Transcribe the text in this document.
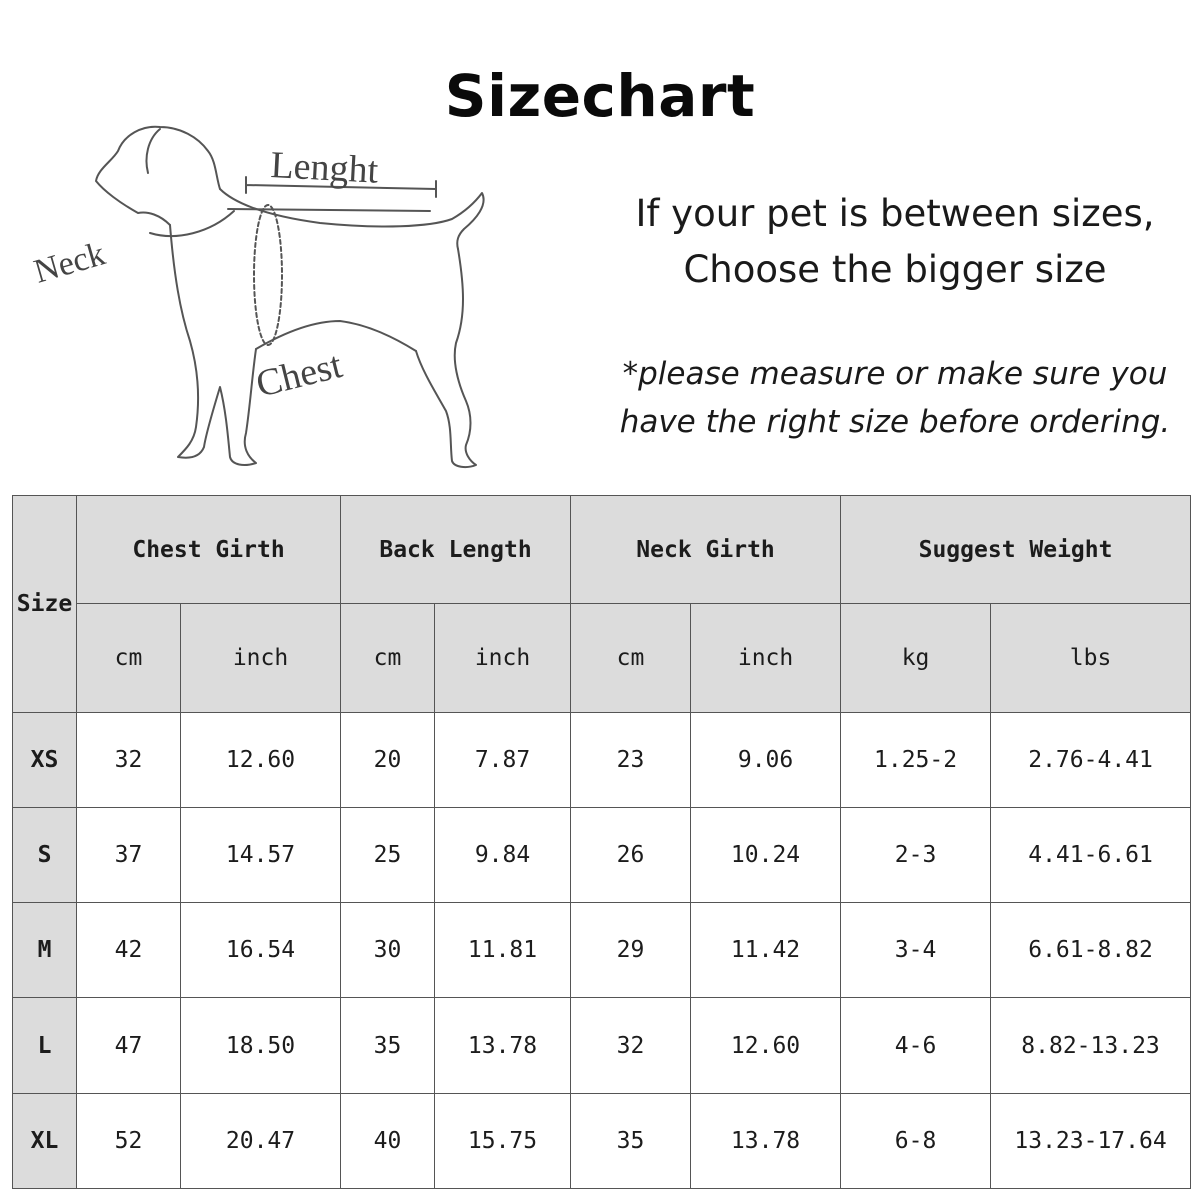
Sizechart
Neck
Lenght
Chest
If your pet is between sizes,
Choose the bigger size
*please measure or make sure you
have the right size before ordering.
Size	Chest Girth		Back Length		Neck Girth		Suggest Weight	
	cm	inch	cm	inch	cm	inch	kg	lbs
XS	32	12.60	20	7.87	23	9.06	1.25-2	2.76-4.41
S	37	14.57	25	9.84	26	10.24	2-3	4.41-6.61
M	42	16.54	30	11.81	29	11.42	3-4	6.61-8.82
L	47	18.50	35	13.78	32	12.60	4-6	8.82-13.23
XL	52	20.47	40	15.75	35	13.78	6-8	13.23-17.64
